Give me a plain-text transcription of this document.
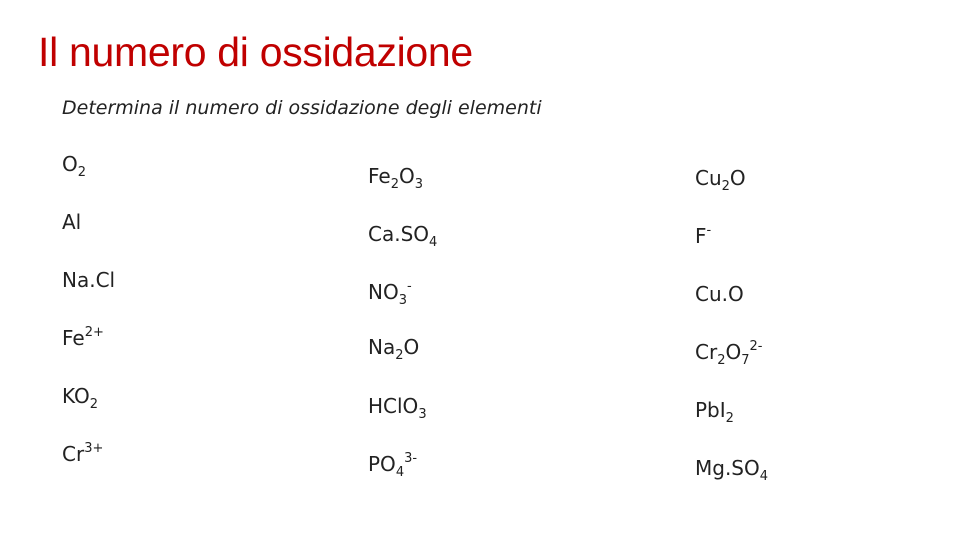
Il numero di ossidazione
Determina il numero di ossidazione degli elementi
$O_2$
Al
Na.Cl
$Fe^{2+}$
$KO_2$
$Cr^{3+}$
$Fe_2O_3$
$Ca.SO_4$
$NO_3^-$
$Na_2O$
HClO$_3$
$PO_4^{3-}$
$Cu_2O$
F-
Cu.O
$Cr_2O_7^{2-}$
PbI$_2$
$Mg.SO_4$
